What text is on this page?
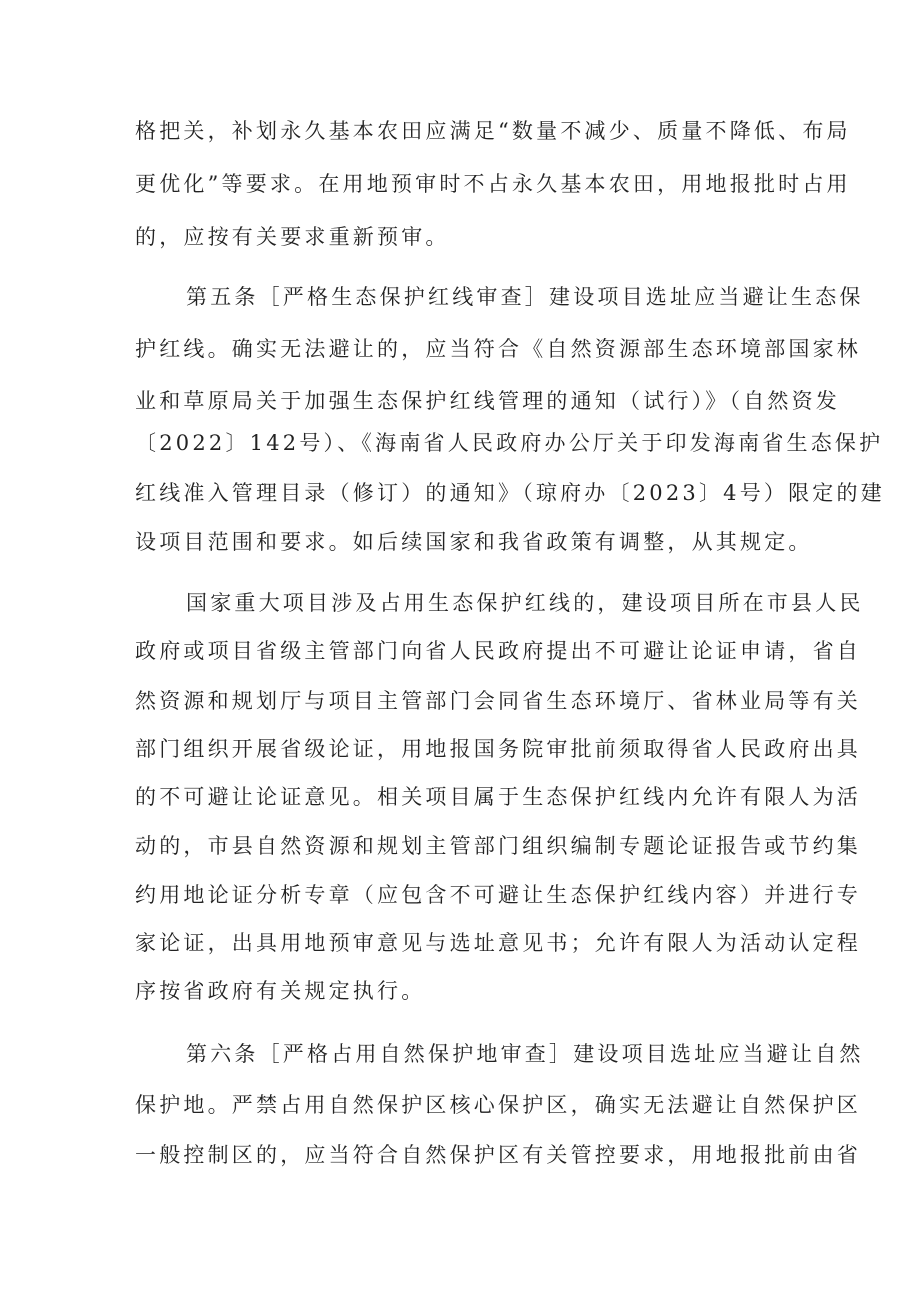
格把关，补划永久基本农田应满足“数量不减少、质量不降低、布局
更优化”等要求。在用地预审时不占永久基本农田，用地报批时占用
的，应按有关要求重新预审。
第五条［严格生态保护红线审查］建设项目选址应当避让生态保
护红线。确实无法避让的，应当符合《自然资源部生态环境部国家林
业和草原局关于加强生态保护红线管理的通知（试行）》（自然资发
〔2022〕142号）、《海南省人民政府办公厅关于印发海南省生态保护
红线准入管理目录（修订）的通知》（琼府办〔2023〕4号）限定的建
设项目范围和要求。如后续国家和我省政策有调整，从其规定。
国家重大项目涉及占用生态保护红线的，建设项目所在市县人民
政府或项目省级主管部门向省人民政府提出不可避让论证申请，省自
然资源和规划厅与项目主管部门会同省生态环境厅、省林业局等有关
部门组织开展省级论证，用地报国务院审批前须取得省人民政府出具
的不可避让论证意见。相关项目属于生态保护红线内允许有限人为活
动的，市县自然资源和规划主管部门组织编制专题论证报告或节约集
约用地论证分析专章（应包含不可避让生态保护红线内容）并进行专
家论证，出具用地预审意见与选址意见书；允许有限人为活动认定程
序按省政府有关规定执行。
第六条［严格占用自然保护地审查］建设项目选址应当避让自然
保护地。严禁占用自然保护区核心保护区，确实无法避让自然保护区
一般控制区的，应当符合自然保护区有关管控要求，用地报批前由省
